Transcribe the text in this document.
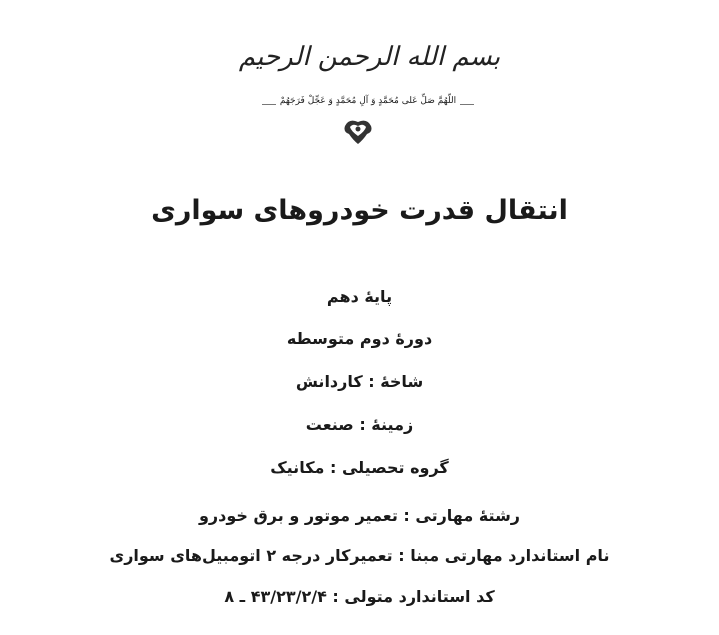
بسم الله الرحمن الرحیم
اللّهُمَّ صَلِّ عَلی مُحَمَّدٍ وَ آلِ مُحَمَّدٍ وَ عَجِّلْ فَرَجَهُمْ
انتقال قدرت خودروهای سواری
پایۀ دهم
دورۀ دوم متوسطه
شاخۀ : کاردانش
زمینۀ : صنعت
گروه تحصیلی : مکانیک
رشتۀ مهارتی : تعمیر موتور و برق خودرو
نام استاندارد مهارتی مبنا : تعمیرکار درجه ۲ اتومبیل‌های سواری
کد استاندارد متولی : ۴۳/۲۳/۲/۴ ـ ۸
